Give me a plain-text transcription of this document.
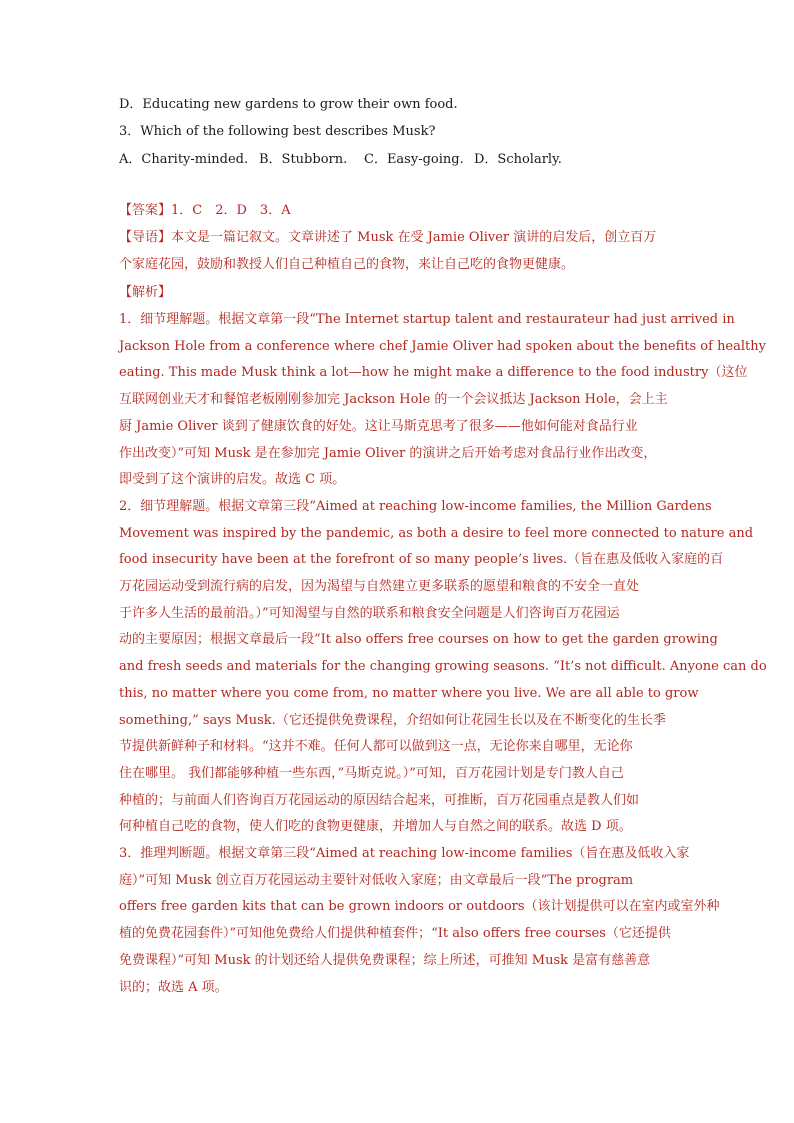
D．Educating new gardens to grow their own food.
3．Which of the following best describes Musk?
A．Charity-minded. B．Stubborn. C．Easy-going. D．Scholarly.
【答案】1．C　2．D　3．A
【导语】本文是一篇记叙文。文章讲述了 Musk 在受 Jamie Oliver 演讲的启发后，创立百万
个家庭花园，鼓励和教授人们自己种植自己的食物，来让自己吃的食物更健康。
【解析】
1．细节理解题。根据文章第一段“The Internet startup talent and restaurateur had just arrived in
Jackson Hole from a conference where chef Jamie Oliver had spoken about the benefits of healthy
eating. This made Musk think a lot—how he might make a difference to the food industry（这位
互联网创业天才和餐馆老板刚刚参加完 Jackson Hole 的一个会议抵达 Jackson Hole，会上主
厨 Jamie Oliver 谈到了健康饮食的好处。这让马斯克思考了很多——他如何能对食品行业
作出改变）”可知 Musk 是在参加完 Jamie Oliver 的演讲之后开始考虑对食品行业作出改变，
即受到了这个演讲的启发。故选 C 项。
2．细节理解题。根据文章第三段“Aimed at reaching low-income families, the Million Gardens
Movement was inspired by the pandemic, as both a desire to feel more connected to nature and
food insecurity have been at the forefront of so many people’s lives.（旨在惠及低收入家庭的百
万花园运动受到流行病的启发，因为渴望与自然建立更多联系的愿望和粮食的不安全一直处
于许多人生活的最前沿。）”可知渴望与自然的联系和粮食安全问题是人们咨询百万花园运
动的主要原因；根据文章最后一段“It also offers free courses on how to get the garden growing
and fresh seeds and materials for the changing growing seasons. “It’s not difficult. Anyone can do
this, no matter where you come from, no matter where you live. We are all able to grow
something,” says Musk.（它还提供免费课程，介绍如何让花园生长以及在不断变化的生长季
节提供新鲜种子和材料。“这并不难。任何人都可以做到这一点，无论你来自哪里，无论你
住在哪里。 我们都能够种植一些东西，”马斯克说。）”可知，百万花园计划是专门教人自己
种植的；与前面人们咨询百万花园运动的原因结合起来，可推断，百万花园重点是教人们如
何种植自己吃的食物，使人们吃的食物更健康，并增加人与自然之间的联系。故选 D 项。
3．推理判断题。根据文章第三段“Aimed at reaching low-income families（旨在惠及低收入家
庭）”可知 Musk 创立百万花园运动主要针对低收入家庭；由文章最后一段“The program
offers free garden kits that can be grown indoors or outdoors（该计划提供可以在室内或室外种
植的免费花园套件）”可知他免费给人们提供种植套件；“It also offers free courses（它还提供
免费课程）”可知 Musk 的计划还给人提供免费课程；综上所述，可推知 Musk 是富有慈善意
识的；故选 A 项。
